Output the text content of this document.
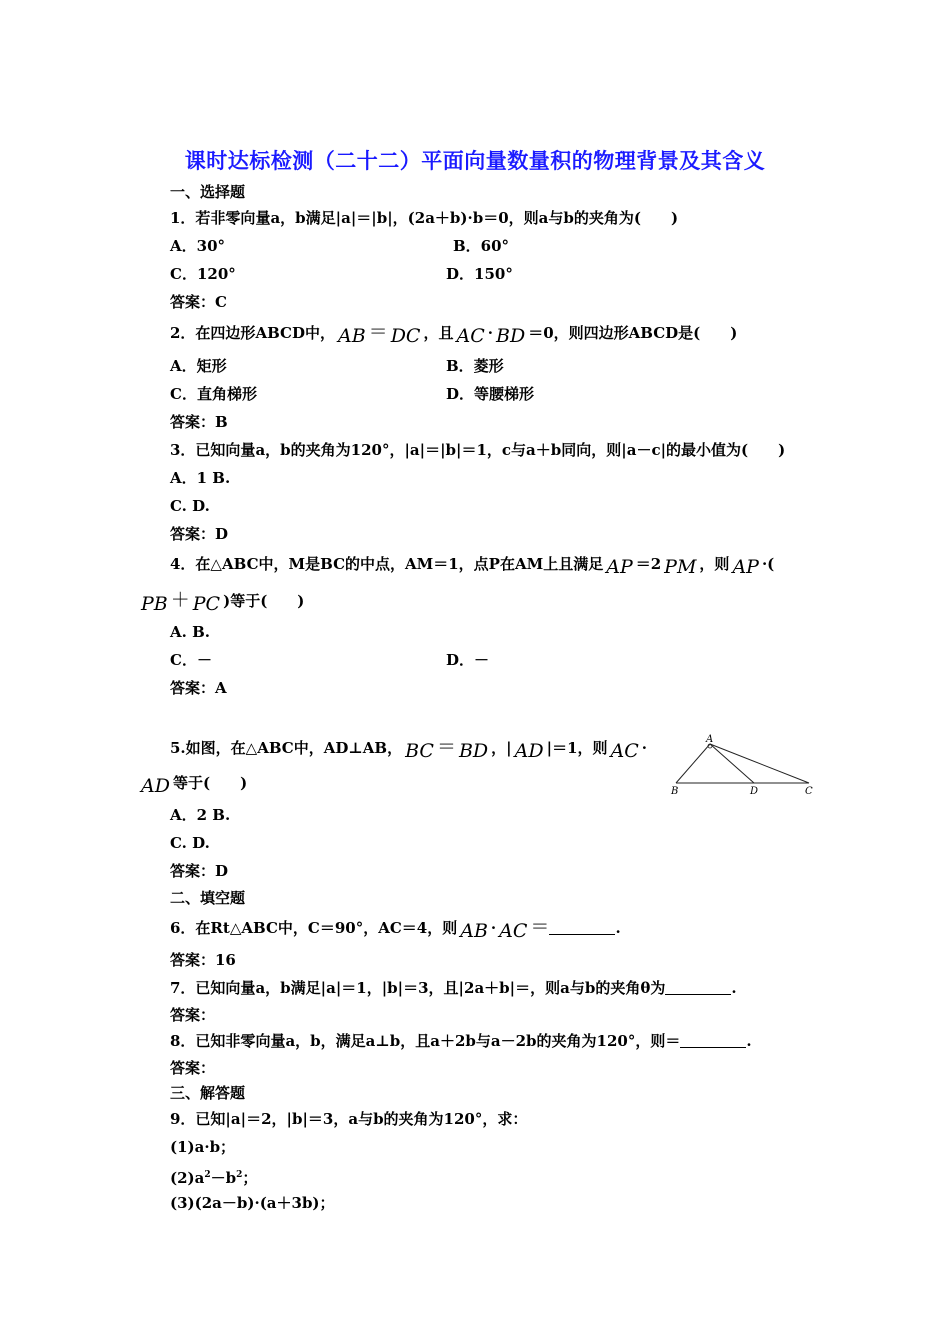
课时达标检测（二十二）平面向量数量积的物理背景及其含义
一、选择题
1．若非零向量a，b满足|a|＝|b|，(2a＋b)·b＝0，则a与b的夹角为(　　)
A．30°	B．60°
C．120°	D．150°
答案：C
2．在四边形ABCD中， AB ＝ DC ，且 AC · BD ＝0，则四边形ABCD是(　　)
A．矩形	B．菱形
C．直角梯形	D．等腰梯形
答案：B
3．已知向量a，b的夹角为120°，|a|＝|b|＝1，c与a＋b同向，则|a－c|的最小值为(　　)
A．1 B.
C. D.
答案：D
4．在△ABC中，M是BC的中点，AM＝1，点P在AM上且满足 AP ＝2 PM ，则 AP ·(
PB ＋ PC )等于(　　)
A. B.
C．－	D．－
答案：A
5.如图，在△ABC中，AD⊥AB， BC ＝ BD ，| AD |＝1，则 AC ·
AD 等于(　　)
A
B	D	C
A．2 B.
C. D.
答案：D
二、填空题
6．在Rt△ABC中，C＝90°，AC＝4，则 AB · AC ＝	.
答案：16
7．已知向量a，b满足|a|＝1，|b|＝3，且|2a＋b|＝，则a与b的夹角θ为	.
答案：
8．已知非零向量a，b，满足a⊥b，且a＋2b与a－2b的夹角为120°，则＝	.
答案：
三、解答题
9．已知|a|＝2，|b|＝3，a与b的夹角为120°，求：
(1)a·b；
$(2)a^2-b^2$；
(3)(2a－b)·(a＋3b)；
